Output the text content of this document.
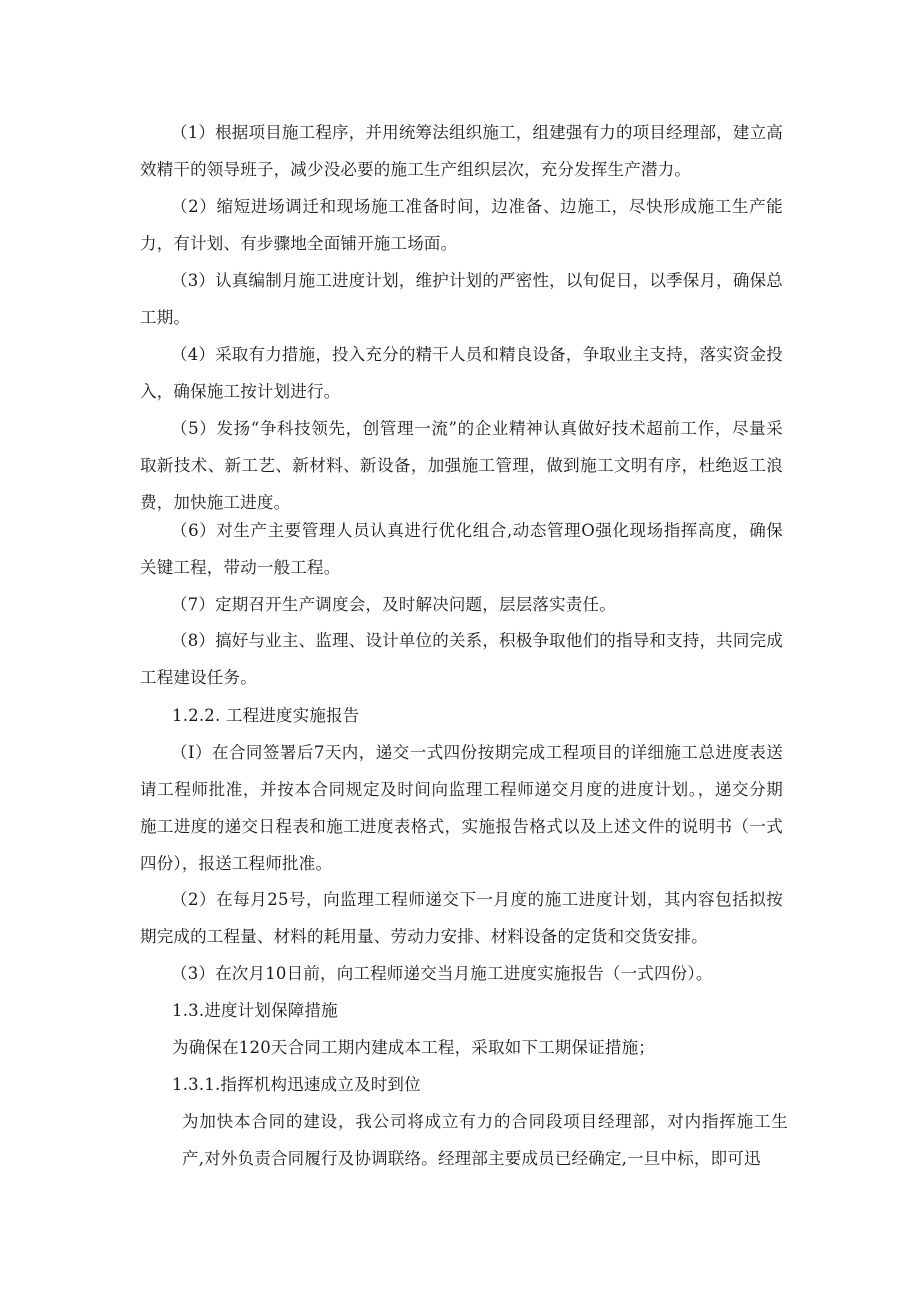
（1）根据项目施工程序，并用统筹法组织施工，组建强有力的项目经理部，建立高效精干的领导班子，减少没必要的施工生产组织层次，充分发挥生产潜力。
（2）缩短进场调迁和现场施工准备时间，边准备、边施工，尽快形成施工生产能力，有计划、有步骤地全面铺开施工场面。
（3）认真编制月施工进度计划，维护计划的严密性，以旬促日，以季保月，确保总工期。
（4）采取有力措施，投入充分的精干人员和精良设备，争取业主支持，落实资金投入，确保施工按计划进行。
（5）发扬“争科技领先，创管理一流”的企业精神认真做好技术超前工作，尽量采取新技术、新工艺、新材料、新设备，加强施工管理，做到施工文明有序，杜绝返工浪费，加快施工进度。
（6）对生产主要管理人员认真进行优化组合,动态管理O强化现场指挥高度，确保关键工程，带动一般工程。
（7）定期召开生产调度会，及时解决问题，层层落实责任。
（8）搞好与业主、监理、设计单位的关系，积极争取他们的指导和支持，共同完成工程建设任务。
1.2.2. 工程进度实施报告
（I）在合同签署后7天内，递交一式四份按期完成工程项目的详细施工总进度表送请工程师批准，并按本合同规定及时间向监理工程师递交月度的进度计划。，递交分期施工进度的递交日程表和施工进度表格式，实施报告格式以及上述文件的说明书（一式四份），报送工程师批准。
（2）在每月25号，向监理工程师递交下一月度的施工进度计划，其内容包括拟按期完成的工程量、材料的耗用量、劳动力安排、材料设备的定货和交货安排。
（3）在次月10日前，向工程师递交当月施工进度实施报告（一式四份）。
1.3.进度计划保障措施
为确保在120天合同工期内建成本工程，采取如下工期保证措施；
1.3.1.指挥机构迅速成立及时到位
为加快本合同的建设，我公司将成立有力的合同段项目经理部，对内指挥施工生产,对外负责合同履行及协调联络。经理部主要成员已经确定,一旦中标，即可迅
